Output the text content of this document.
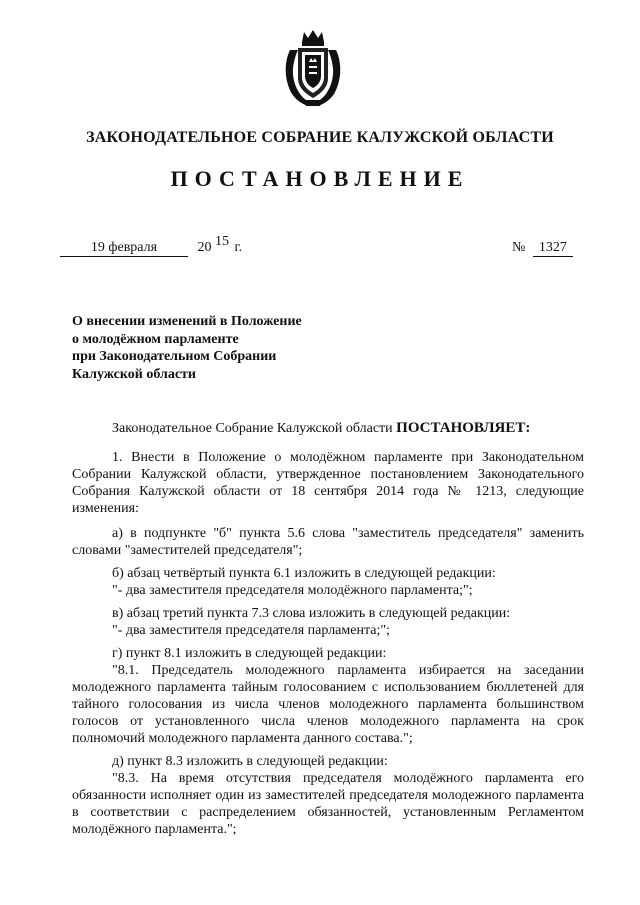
ЗАКОНОДАТЕЛЬНОЕ СОБРАНИЕ КАЛУЖСКОЙ ОБЛАСТИ
ПОСТАНОВЛЕНИЕ
19 февраля	20 15 г.	№ 1327
О внесении изменений в Положение
о молодёжном парламенте
при Законодательном Собрании
Калужской области
Законодательное Собрание Калужской области ПОСТАНОВЛЯЕТ:

1. Внести в Положение о молодёжном парламенте при Законодательном Собрании Калужской области, утвержденное постановлением Законодательного Собрания Калужской области от 18 сентября 2014 года № 1213, следующие изменения:

а) в подпункте "б" пункта 5.6 слова "заместитель председателя" заменить словами "заместителей председателя";

б) абзац четвёртый пункта 6.1 изложить в следующей редакции:

"- два заместителя председателя молодёжного парламента;";

в) абзац третий пункта 7.3 слова изложить в следующей редакции:

"- два заместителя председателя парламента;";

г) пункт 8.1 изложить в следующей редакции:

"8.1. Председатель молодежного парламента избирается на заседании молодежного парламента тайным голосованием с использованием бюллетеней для тайного голосования из числа членов молодежного парламента большинством голосов от установленного числа членов молодежного парламента на срок полномочий молодежного парламента данного состава.";

д) пункт 8.3 изложить в следующей редакции:

"8.3. На время отсутствия председателя молодёжного парламента его обязанности исполняет один из заместителей председателя молодежного парламента в соответствии с распределением обязанностей, установленным Регламентом молодёжного парламента.";
